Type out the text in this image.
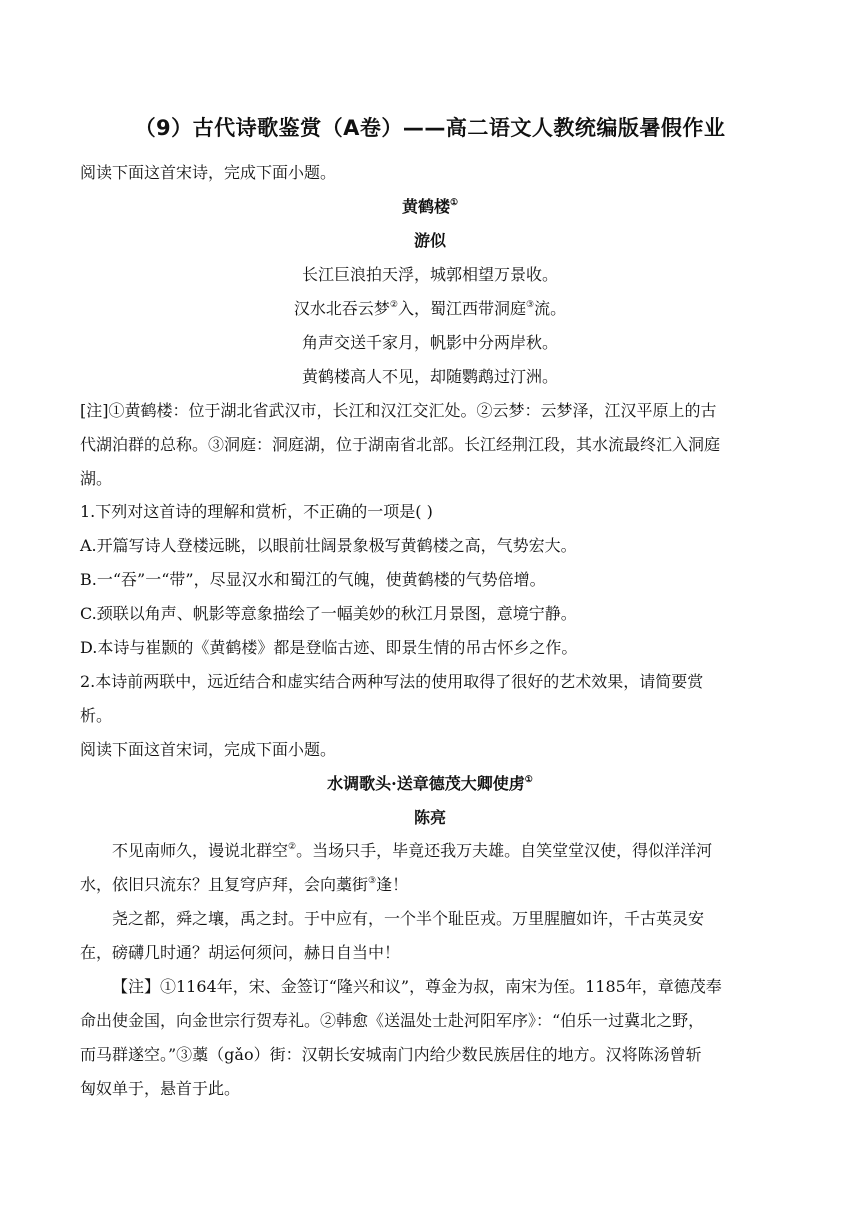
（9）古代诗歌鉴赏（A卷）——高二语文人教统编版暑假作业
阅读下面这首宋诗，完成下面小题。
黄鹤楼①
游似
长江巨浪拍天浮，城郭相望万景收。
汉水北吞云梦②入，蜀江西带洞庭③流。
角声交送千家月，帆影中分两岸秋。
黄鹤楼高人不见，却随鹦鹉过汀洲。
[注]①黄鹤楼：位于湖北省武汉市，长江和汉江交汇处。②云梦：云梦泽，江汉平原上的古
代湖泊群的总称。③洞庭：洞庭湖，位于湖南省北部。长江经荆江段，其水流最终汇入洞庭
湖。
1.下列对这首诗的理解和赏析，不正确的一项是( )
A.开篇写诗人登楼远眺，以眼前壮阔景象极写黄鹤楼之高，气势宏大。
B.一“吞”一“带”，尽显汉水和蜀江的气魄，使黄鹤楼的气势倍增。
C.颈联以角声、帆影等意象描绘了一幅美妙的秋江月景图，意境宁静。
D.本诗与崔颢的《黄鹤楼》都是登临古迹、即景生情的吊古怀乡之作。
2.本诗前两联中，远近结合和虚实结合两种写法的使用取得了很好的艺术效果，请简要赏
析。
阅读下面这首宋词，完成下面小题。
水调歌头·送章德茂大卿使虏①
陈亮
不见南师久，谩说北群空②。当场只手，毕竟还我万夫雄。自笑堂堂汉使，得似洋洋河
水，依旧只流东？且复穹庐拜，会向藁街③逢！
尧之都，舜之壤，禹之封。于中应有，一个半个耻臣戎。万里腥膻如许，千古英灵安
在，磅礴几时通？胡运何须问，赫日自当中！
【注】①1164年，宋、金签订“隆兴和议”，尊金为叔，南宋为侄。1185年，章德茂奉
命出使金国，向金世宗行贺寿礼。②韩愈《送温处士赴河阳军序》：“伯乐一过冀北之野，
而马群遂空。”③藁（gǎo）街：汉朝长安城南门内给少数民族居住的地方。汉将陈汤曾斩
匈奴单于，悬首于此。
